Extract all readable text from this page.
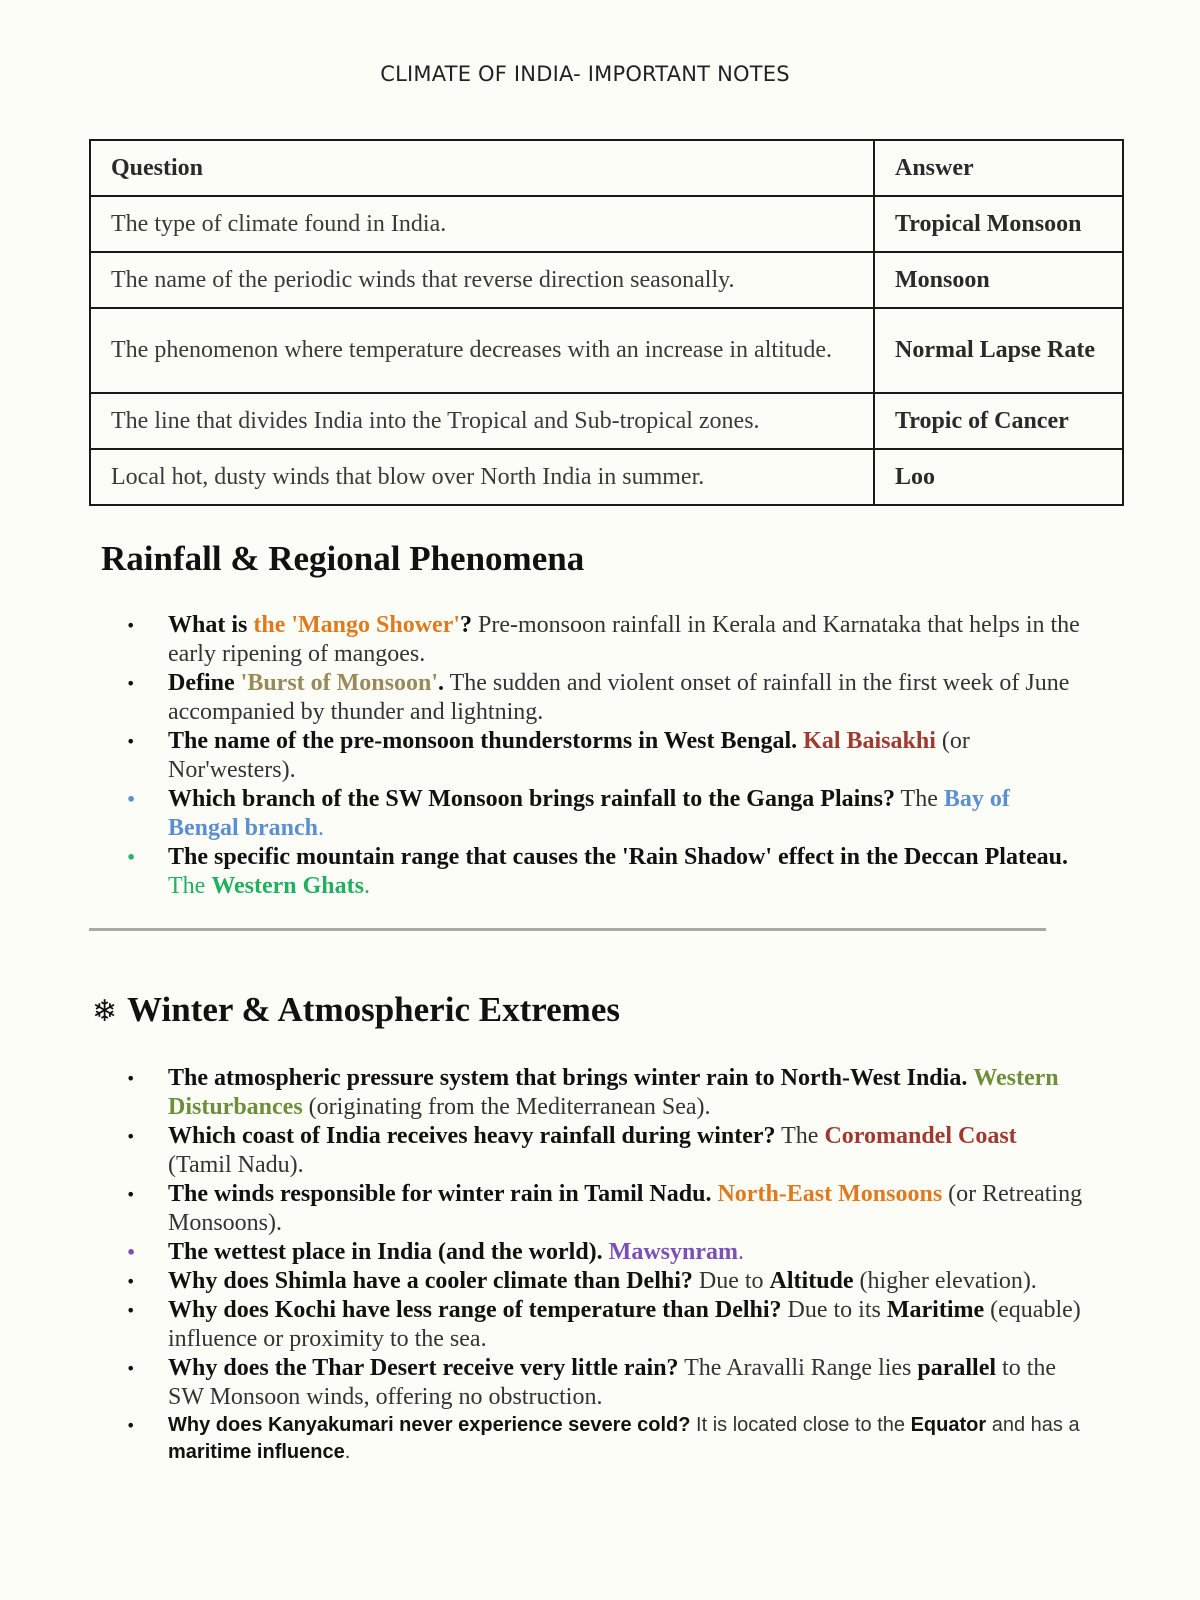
CLIMATE OF INDIA- IMPORTANT NOTES
Question	Answer
The type of climate found in India.	Tropical Monsoon
The name of the periodic winds that reverse direction seasonally.	Monsoon
The phenomenon where temperature decreases with an increase in altitude.	Normal Lapse Rate
The line that divides India into the Tropical and Sub-tropical zones.	Tropic of Cancer
Local hot, dusty winds that blow over North India in summer.	Loo
Rainfall & Regional Phenomena
• What is the 'Mango Shower'? Pre-monsoon rainfall in Kerala and Karnataka that helps in the early ripening of mangoes.
• Define 'Burst of Monsoon'. The sudden and violent onset of rainfall in the first week of June accompanied by thunder and lightning.
• The name of the pre-monsoon thunderstorms in West Bengal. Kal Baisakhi (or Nor'westers).
• Which branch of the SW Monsoon brings rainfall to the Ganga Plains? The Bay of Bengal branch.
• The specific mountain range that causes the 'Rain Shadow' effect in the Deccan Plateau. The Western Ghats.
❄ Winter & Atmospheric Extremes
• The atmospheric pressure system that brings winter rain to North-West India. Western Disturbances (originating from the Mediterranean Sea).
• Which coast of India receives heavy rainfall during winter? The Coromandel Coast (Tamil Nadu).
• The winds responsible for winter rain in Tamil Nadu. North-East Monsoons (or Retreating Monsoons).
• The wettest place in India (and the world). Mawsynram.
• Why does Shimla have a cooler climate than Delhi? Due to Altitude (higher elevation).
• Why does Kochi have less range of temperature than Delhi? Due to its Maritime (equable) influence or proximity to the sea.
• Why does the Thar Desert receive very little rain? The Aravalli Range lies parallel to the SW Monsoon winds, offering no obstruction.
• Why does Kanyakumari never experience severe cold? It is located close to the Equator and has a maritime influence.
